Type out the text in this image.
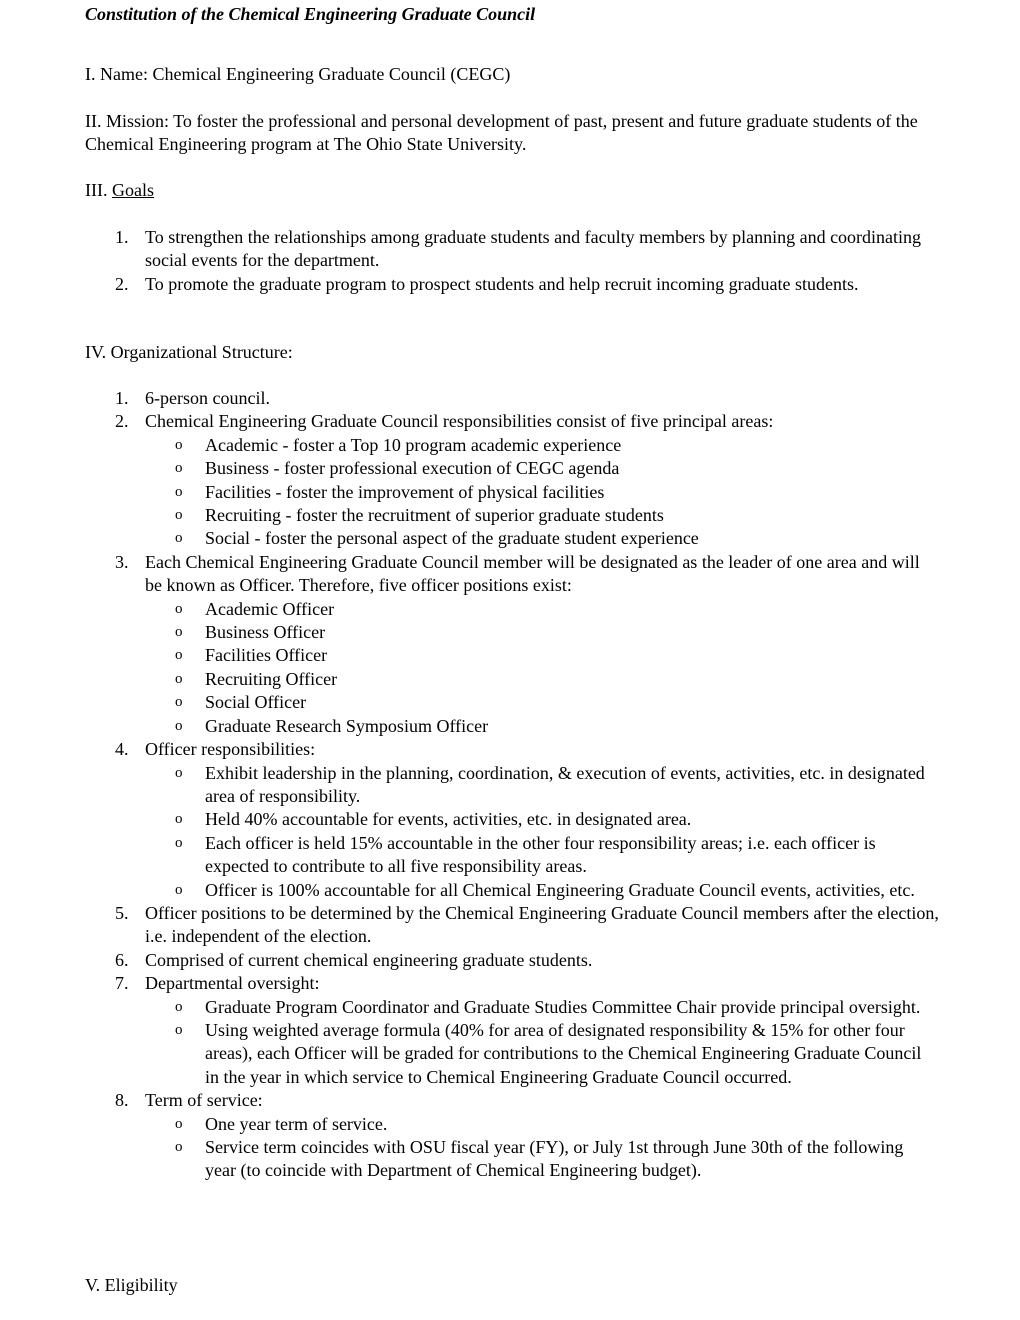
Constitution of the Chemical Engineering Graduate Council

I. Name: Chemical Engineering Graduate Council (CEGC)

II. Mission: To foster the professional and personal development of past, present and future graduate students of the Chemical Engineering program at The Ohio State University.

III. Goals

1. To strengthen the relationships among graduate students and faculty members by planning and coordinating social events for the department.
2. To promote the graduate program to prospect students and help recruit incoming graduate students.

IV. Organizational Structure:

1. 6-person council.
2. Chemical Engineering Graduate Council responsibilities consist of five principal areas:
o Academic - foster a Top 10 program academic experience
o Business - foster professional execution of CEGC agenda
o Facilities - foster the improvement of physical facilities
o Recruiting - foster the recruitment of superior graduate students
o Social - foster the personal aspect of the graduate student experience
3. Each Chemical Engineering Graduate Council member will be designated as the leader of one area and will be known as Officer. Therefore, five officer positions exist:
o Academic Officer
o Business Officer
o Facilities Officer
o Recruiting Officer
o Social Officer
o Graduate Research Symposium Officer
4. Officer responsibilities:
o Exhibit leadership in the planning, coordination, & execution of events, activities, etc. in designated area of responsibility.
o Held 40% accountable for events, activities, etc. in designated area.
o Each officer is held 15% accountable in the other four responsibility areas; i.e. each officer is expected to contribute to all five responsibility areas.
o Officer is 100% accountable for all Chemical Engineering Graduate Council events, activities, etc.
5. Officer positions to be determined by the Chemical Engineering Graduate Council members after the election, i.e. independent of the election.
6. Comprised of current chemical engineering graduate students.
7. Departmental oversight:
o Graduate Program Coordinator and Graduate Studies Committee Chair provide principal oversight.
o Using weighted average formula (40% for area of designated responsibility & 15% for other four areas), each Officer will be graded for contributions to the Chemical Engineering Graduate Council in the year in which service to Chemical Engineering Graduate Council occurred.
8. Term of service:
o One year term of service.
o Service term coincides with OSU fiscal year (FY), or July 1st through June 30th of the following year (to coincide with Department of Chemical Engineering budget).

V. Eligibility
